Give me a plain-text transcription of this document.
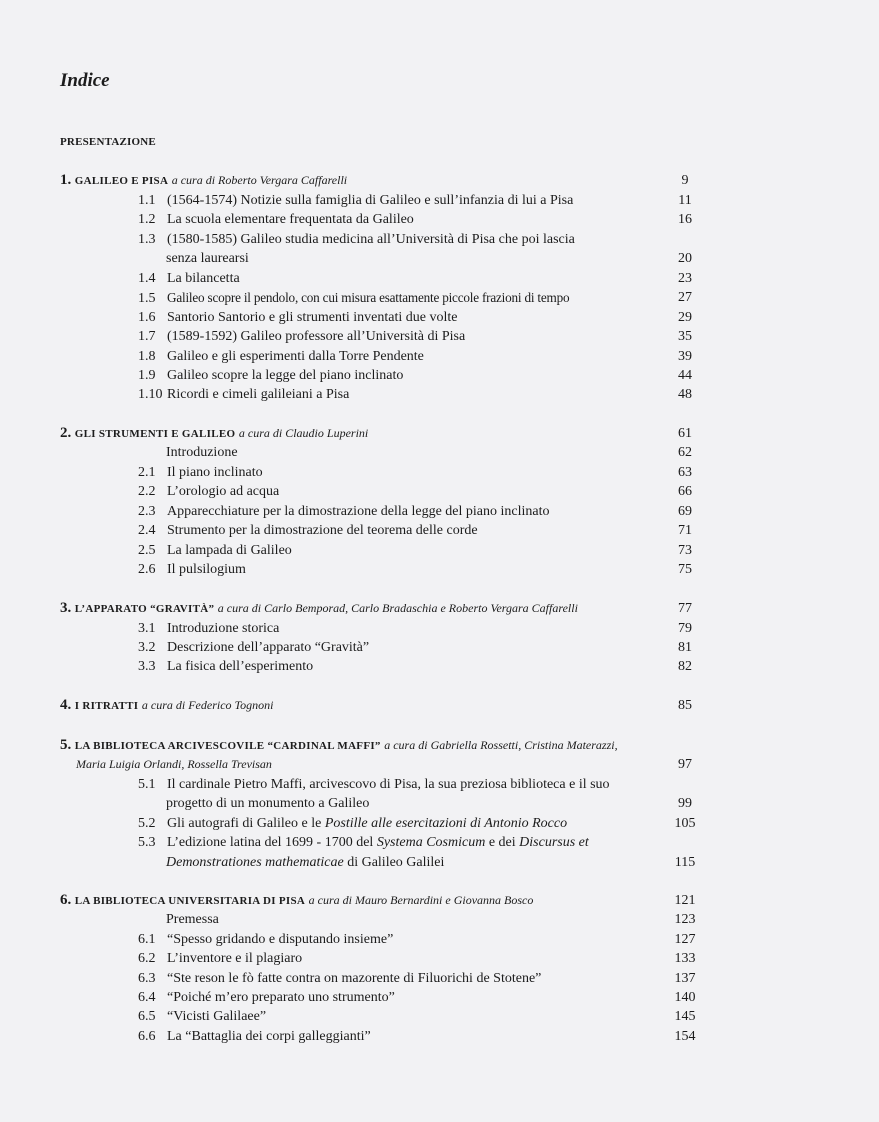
Indice
PRESENTAZIONE
1. GALILEO E PISA a cura di Roberto Vergara Caffarelli	9
1.1 (1564-1574) Notizie sulla famiglia di Galileo e sull’infanzia di lui a Pisa	11
1.2 La scuola elementare frequentata da Galileo	16
1.3 (1580-1585) Galileo studia medicina all’Università di Pisa che poi lascia
senza laurearsi	20
1.4 La bilancetta	23
1.5 Galileo scopre il pendolo, con cui misura esattamente piccole frazioni di tempo	27
1.6 Santorio Santorio e gli strumenti inventati due volte	29
1.7 (1589-1592) Galileo professore all’Università di Pisa	35
1.8 Galileo e gli esperimenti dalla Torre Pendente	39
1.9 Galileo scopre la legge del piano inclinato	44
1.10 Ricordi e cimeli galileiani a Pisa	48
2. GLI STRUMENTI E GALILEO a cura di Claudio Luperini	61
Introduzione	62
2.1 Il piano inclinato	63
2.2 L’orologio ad acqua	66
2.3 Apparecchiature per la dimostrazione della legge del piano inclinato	69
2.4 Strumento per la dimostrazione del teorema delle corde	71
2.5 La lampada di Galileo	73
2.6 Il pulsilogium	75
3. L’APPARATO “GRAVITÀ” a cura di Carlo Bemporad, Carlo Bradaschia e Roberto Vergara Caffarelli	77
3.1 Introduzione storica	79
3.2 Descrizione dell’apparato “Gravità”	81
3.3 La fisica dell’esperimento	82
4. I RITRATTI a cura di Federico Tognoni	85
5. LA BIBLIOTECA ARCIVESCOVILE “CARDINAL MAFFI” a cura di Gabriella Rossetti, Cristina Materazzi,
Maria Luigia Orlandi, Rossella Trevisan	97
5.1 Il cardinale Pietro Maffi, arcivescovo di Pisa, la sua preziosa biblioteca e il suo
progetto di un monumento a Galileo	99
5.2 Gli autografi di Galileo e le Postille alle esercitazioni di Antonio Rocco	105
5.3 L’edizione latina del 1699 - 1700 del Systema Cosmicum e dei Discursus et
Demonstrationes mathematicae di Galileo Galilei	115
6. LA BIBLIOTECA UNIVERSITARIA DI PISA a cura di Mauro Bernardini e Giovanna Bosco	121
Premessa	123
6.1 “Spesso gridando e disputando insieme”	127
6.2 L’inventore e il plagiaro	133
6.3 “Ste reson le fò fatte contra on mazorente di Filuorichi de Stotene”	137
6.4 “Poiché m’ero preparato uno strumento”	140
6.5 “Vicisti Galilaee”	145
6.6 La “Battaglia dei corpi galleggianti”	154
